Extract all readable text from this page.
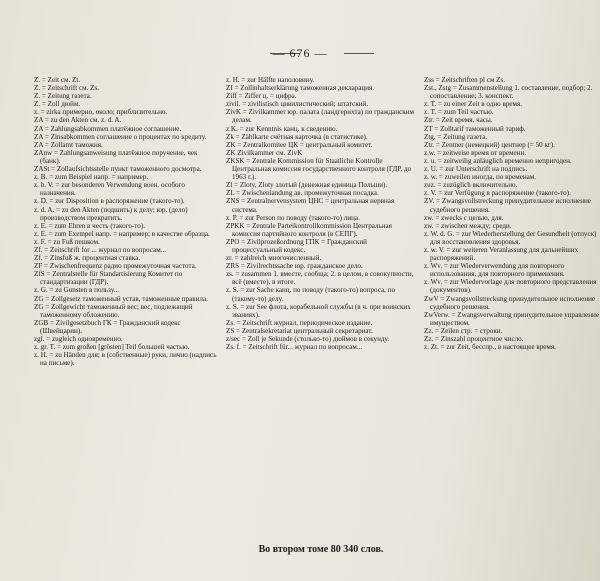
— 676 —

Z. = Zeit см. Zt.

Z. = Zeitschrift см. Zs.

Z. = Zeitung газета.

Z. = Zoll дюйм.

z. = zirka примерно, около; приблизительно.

ZA = zu den Akten см. z. d. A.

ZA = Zahlungsabkommen платёжное соглашение.

ZA = Zinsabkommen соглашение о процентах по кредиту.

ZA = Zollamt таможня.

ZAnw = Zahlungsanweisung платёжное поручение, чек (банк).

ZASt = Zollaufsichtsstelle пункт таможенного досмотра.

z. B. = zum Beispiel напр. = например.

z. b. V. = zur besonderen Verwendung воен. особого назначения.

z. D. = zur Disposition в распоряжение (такого-то).

z. d. A. = zu den Akten (подшить) к делу; юр. (дело) производством прекратить.

z. E. = zum Ehren в честь (такого-то).

z. E. = zum Exempel напр. = например; в качестве образца.

z. F. = zu Fuß пешком.

Zf. = Zeitschrift for ... журнал по вопросам...

Zf. = Zinsfuß ж. процентная ставка.

ZF = Zwischenfrequenz радио промежуточная частота.

ZfS = Zentralstelle für Standartisierung Комитет по стандартизации (ГДР).

z. G. = zu Gunsten в пользу...

ZG = Zollgesetz таможенный устав, таможенные правила.

ZG = Zollgewicht таможенный вес; вес, подлежащий таможенному обложению.

ZGB = Zivilgesetzbuch ГК = Гражданский кодекс (Швейцарии).

zgl. = zugleich одновременно.

z. gr. T. = zum großen [grösten] Teil большей частью.

z. H. = zu Händen для; в (собственные) руки, лично (надпись на письме).

z. H. = zur Hälfte наполовину.

ZI = Zollinhaltserklärung таможенная декларация.

Ziff = Ziffer ц. = цифра.

zivil. = zivilistisch цивилистический; штатский.

ZivK = Zivilkammer юр. палата (ландгерихта) по гражданским делам.

z.K. = zur Kenntnis канц. к сведению.

Zk = Zählkarte счётная карточка (в статистике).

ZK = Zentralkomitee ЦК = центральный комитет.

ZK Zivilkammer см. ZivK

ZKSK = Zentrale Kommission für Staatliche Kontrolle Центральная комиссия государственного контроля (ГДР, до 1963 г.).

Zl = Zloty, Zloty злотый (денежная единица Польши).

ZL = Zwischenlandung ав. промежуточная посадка.

ZNS = Zentralnervensystem ЦНС = центральная нервная система.

z. P. = zur Person по поводу (такого-то) лица.

ZPKK = Zentrale Parteikontrollkommission Центральная комиссия партийного контроля (в СЕПГ).

ZPO = Zivilprozeßordnung ГПК = Гражданский процессуальный кодекс.

zr. = zahlreich многочисленный.

ZRS = Zivilrechtssache юр. гражданское дело.

zs. = zusammen 1. вместе, сообща; 2. в целом, в совокупности, всё (вместе), в итоге.

z. S. = zur Sache канц. по поводу (такого-то) вопроса, по (такому-то) делу.

z. S. = zur See флота, корабельной службы (в ч. при воинских званиях).

Zs. = Zeitschrift журнал, периодическое издание.

ZS = Zentralsekretariat центральный секретариат.

z/sec = Zoll je Sekunde (столько-то) дюймов в секунду.

Zs. f. = Zeitschrift für... журнал по вопросам...

Zss = Zeitschriften pl см Zs.

Zst., Zstg = Zusammenstellung 1. составление, подбор; 2. сопоставление; 3. конспект.

z. T. = zu einer Zeit в одно время.

z. T. = zum Teil частью.

Ztr. = Zeit время, часы.

ZT = Zolltarif таможенный тариф.

Ztg. = Zeitung газета.

Ztr. = Zentner (немецкий) центнер (= 50 кг).

z.w. = zeitweise время от времени.

z. u. = zeitweilig anläuglich временно непригоден.

z. U. = zur Unterschrift на подпись.

z. w. = zuweilen иногда, по временам.

zuz. = zuzüglich включительно.

z. V. = zur Verfügung в распоряжение (такого-то).

ZV. = Zwangsvollstreckung принудительное исполнение судебного решения.

zw. = zwecks с целью, для.

zw. = zwischen между; среди.

z. W. d. G. = zur Wiederherstellung der Gesundheit (отпуск) для восстановления здоровья.

z. w. V. = zur weiteren Veranlassung для дальнейших распоряжений.

z. Wv. = zur Wiederverwendung для повторного использования, для повторного применения.

z. Wv. = zur Wiedervorlage для повторного представления (документов).

ZwV = Zwangsvollstreckung принудительное исполнение судебного решения.

ZwVerw. = Zwangsverwaltung принудительное управление имуществом.

Zz. = Zeilen стр. = строки.

Zz. = Zinszahl процентное число.

z. Zt. = zur Zeit, бесспр., в настоящее время.

Во втором томе 80 340 слов.
